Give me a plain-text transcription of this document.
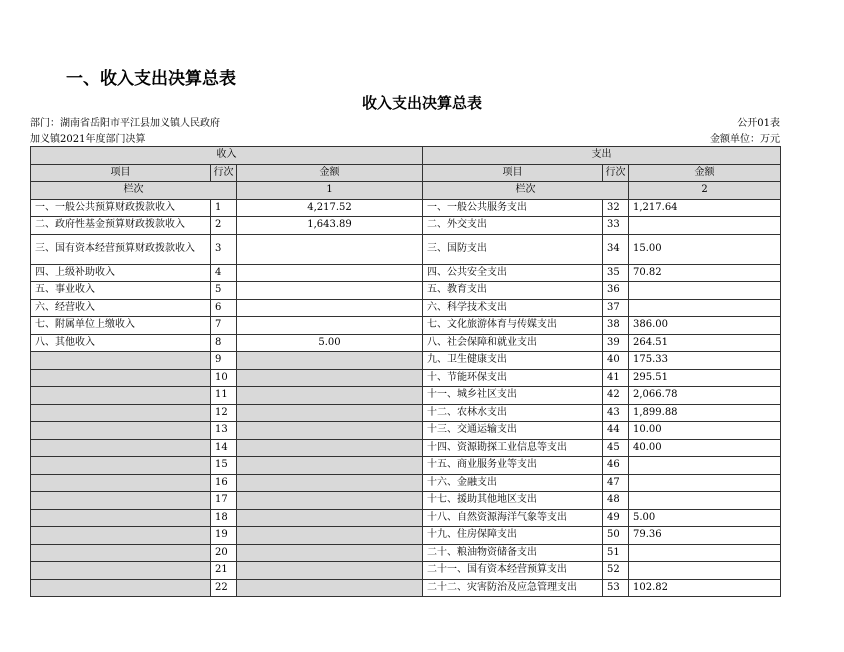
一、收入支出决算总表
收入支出决算总表
部门：湖南省岳阳市平江县加义镇人民政府	公开01表
加义镇2021年度部门决算	金额单位：万元
收入			支出		
项目	行次	金额	项目	行次	金额
栏次		1	栏次		2
一、一般公共预算财政拨款收入	1	4,217.52	一、一般公共服务支出	32	1,217.64
二、政府性基金预算财政拨款收入	2	1,643.89	二、外交支出	33	
三、国有资本经营预算财政拨款收入	3		三、国防支出	34	15.00
四、上级补助收入	4		四、公共安全支出	35	70.82
五、事业收入	5		五、教育支出	36	
六、经营收入	6		六、科学技术支出	37	
七、附属单位上缴收入	7		七、文化旅游体育与传媒支出	38	386.00
八、其他收入	8	5.00	八、社会保障和就业支出	39	264.51
	9		九、卫生健康支出	40	175.33
	10		十、节能环保支出	41	295.51
	11		十一、城乡社区支出	42	2,066.78
	12		十二、农林水支出	43	1,899.88
	13		十三、交通运输支出	44	10.00
	14		十四、资源勘探工业信息等支出	45	40.00
	15		十五、商业服务业等支出	46	
	16		十六、金融支出	47	
	17		十七、援助其他地区支出	48	
	18		十八、自然资源海洋气象等支出	49	5.00
	19		十九、住房保障支出	50	79.36
	20		二十、粮油物资储备支出	51	
	21		二十一、国有资本经营预算支出	52	
	22		二十二、灾害防治及应急管理支出	53	102.82
